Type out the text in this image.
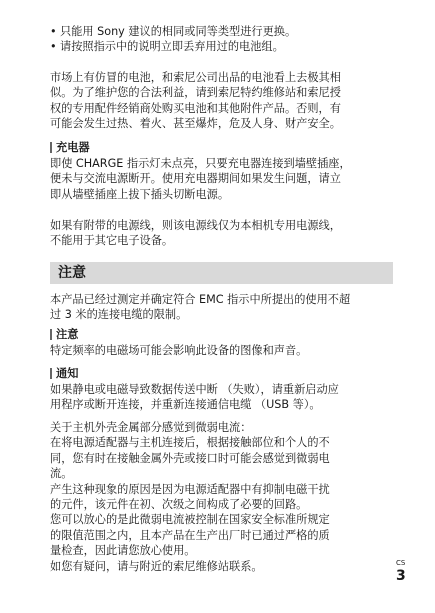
• 只能用 Sony 建议的相同或同等类型进行更换。
• 请按照指示中的说明立即丢弃用过的电池组。
市场上有仿冒的电池，和索尼公司出品的电池看上去极其相
似。为了维护您的合法利益，请到索尼特约维修站和索尼授
权的专用配件经销商处购买电池和其他附件产品。否则，有
可能会发生过热、着火、甚至爆炸，危及人身、财产安全。
充电器
即使 CHARGE 指示灯未点亮，只要充电器连接到墙壁插座，
便未与交流电源断开。使用充电器期间如果发生问题，请立
即从墙壁插座上拔下插头切断电源。
如果有附带的电源线，则该电源线仅为本相机专用电源线，
不能用于其它电子设备。
注意
本产品已经过测定并确定符合 EMC 指示中所提出的使用不超
过 3 米的连接电缆的限制。
注意
特定频率的电磁场可能会影响此设备的图像和声音。
通知
如果静电或电磁导致数据传送中断 （失败），请重新启动应
用程序或断开连接，并重新连接通信电缆 （USB 等）。
关于主机外壳金属部分感觉到微弱电流：
在将电源适配器与主机连接后，根据接触部位和个人的不
同，您有时在接触金属外壳或接口时可能会感觉到微弱电
流。
产生这种现象的原因是因为电源适配器中有抑制电磁干扰
的元件，该元件在初、次级之间构成了必要的回路。
您可以放心的是此微弱电流被控制在国家安全标准所规定
的限值范围之内，且本产品在生产出厂时已通过严格的质
量检查，因此请您放心使用。
如您有疑问，请与附近的索尼维修站联系。	CS
3
